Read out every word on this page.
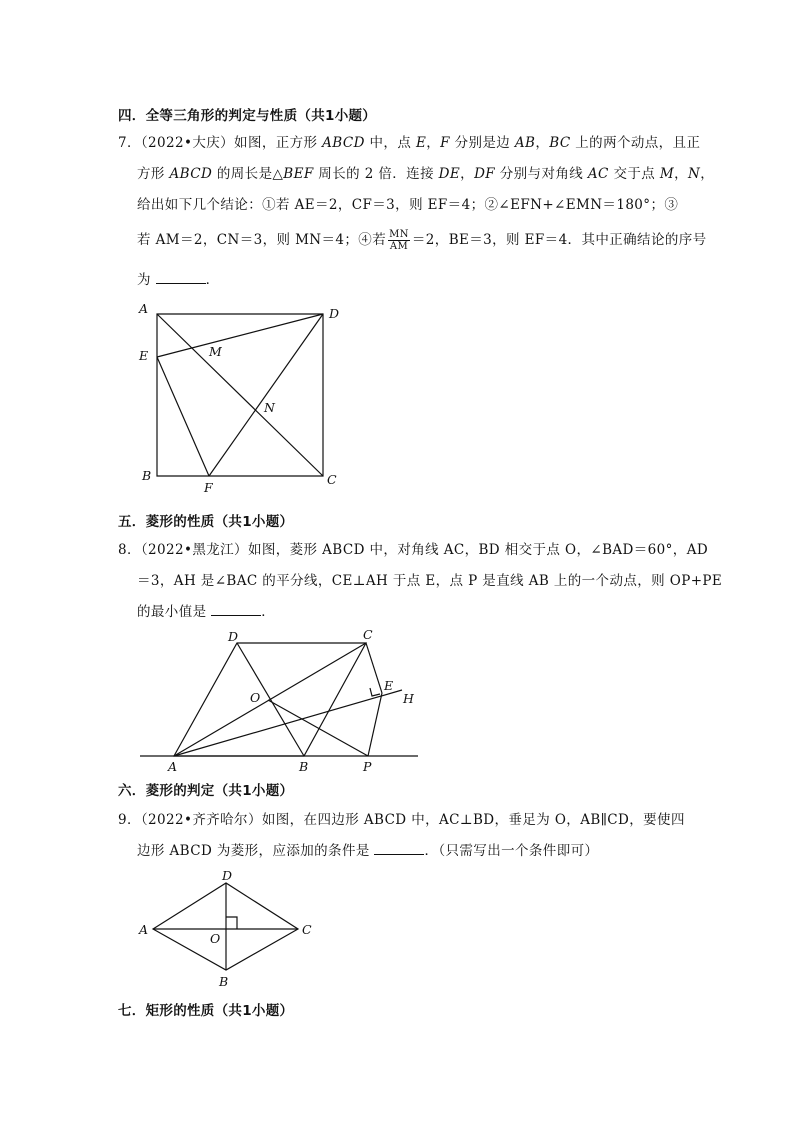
四．全等三角形的判定与性质（共1小题）
7．（2022•大庆）如图，正方形 ABCD 中，点 E，F 分别是边 AB，BC 上的两个动点，且正
方形 ABCD 的周长是△BEF 周长的 2 倍．连接 DE，DF 分别与对角线 AC 交于点 M，N，
给出如下几个结论：①若 AE＝2，CF＝3，则 EF＝4；②∠EFN+∠EMN＝180°；③
若 AM＝2，CN＝3，则 MN＝4；④若 $\frac{MN}{AM} =2$，BE＝3，则 EF＝4．其中正确结论的序号
为	．
A	D
E	M
N
B
F
C
五．菱形的性质（共1小题）
8．（2022•黑龙江）如图，菱形 ABCD 中，对角线 AC，BD 相交于点 O，∠BAD＝60°，AD
＝3，AH 是∠BAC 的平分线，CE⊥AH 于点 E，点 P 是直线 AB 上的一个动点，则 OP+PE
的最小值是	．
D	C
E
H
O
A	B	P
六．菱形的判定（共1小题）
9．（2022•齐齐哈尔）如图，在四边形 ABCD 中，AC⊥BD，垂足为 O，AB∥CD，要使四
边形 ABCD 为菱形，应添加的条件是	．（只需写出一个条件即可）
D
A
O
C
B
七．矩形的性质（共1小题）
